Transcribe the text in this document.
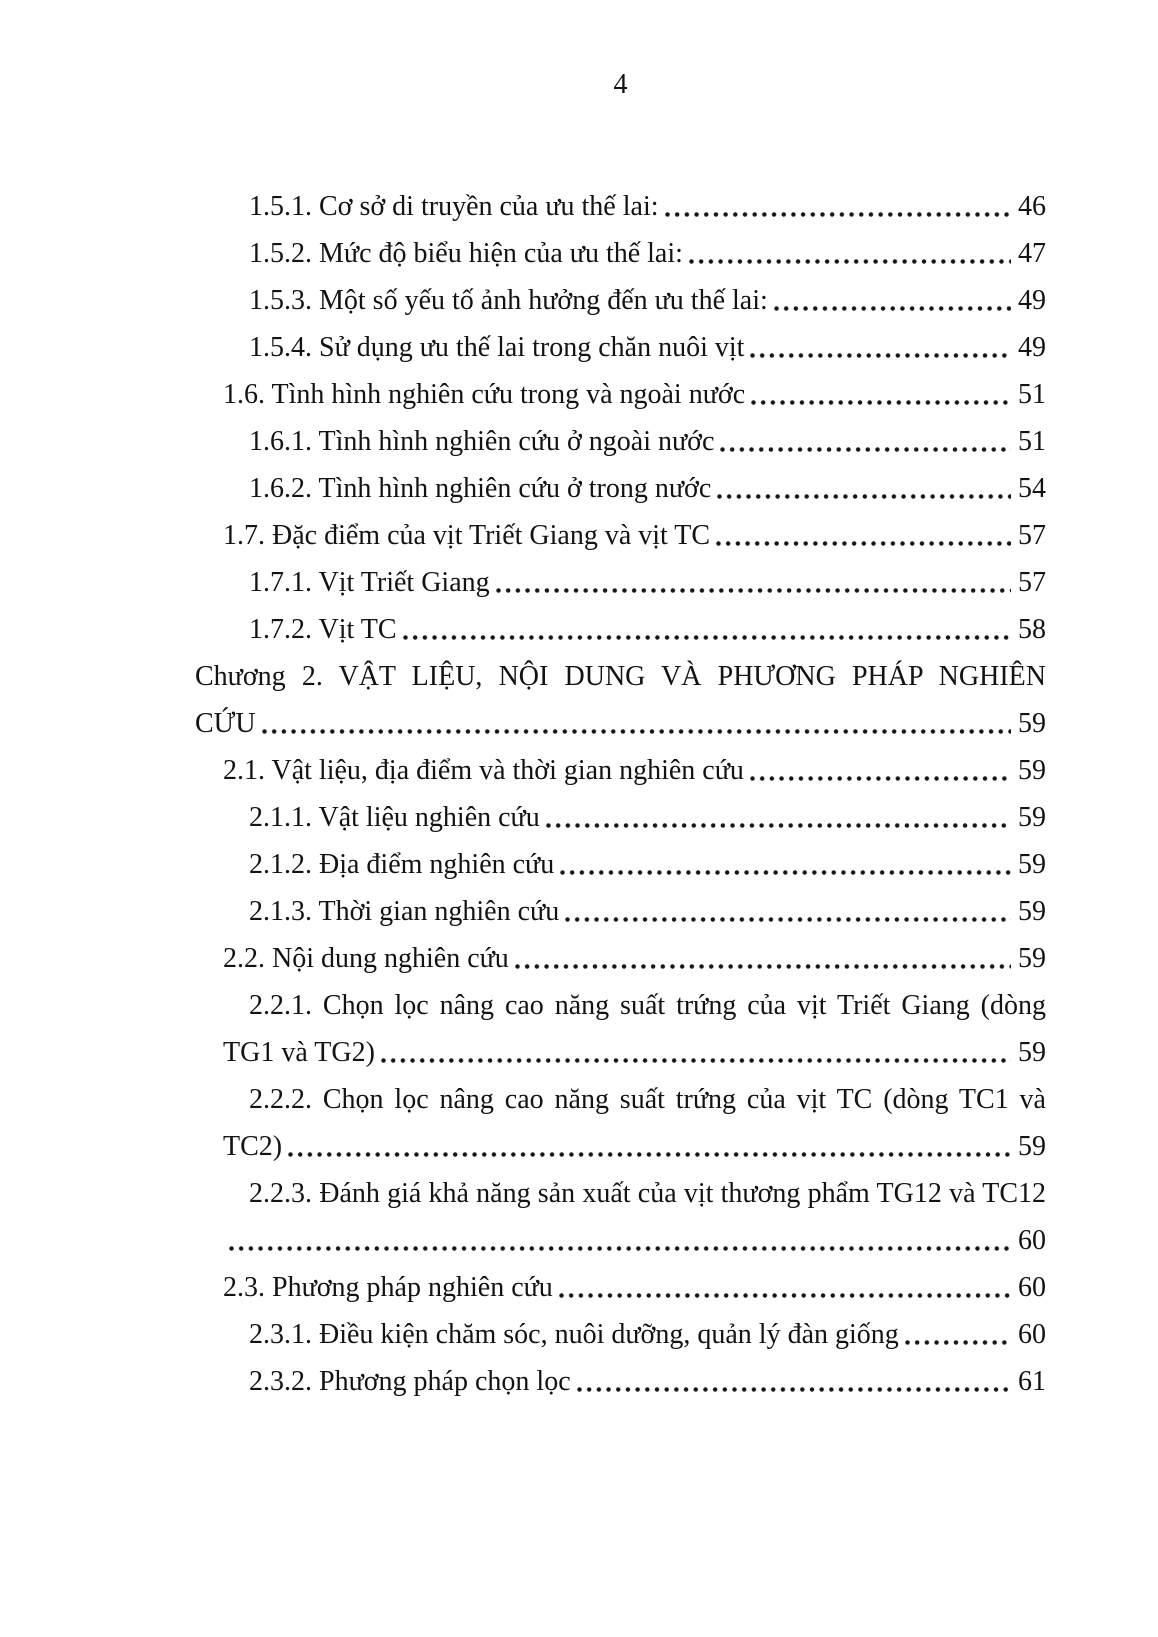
4
1.5.1. Cơ sở di truyền của ưu thế lai:	46
1.5.2. Mức độ biểu hiện của ưu thế lai:	47
1.5.3. Một số yếu tố ảnh hưởng đến ưu thế lai:	49
1.5.4. Sử dụng ưu thế lai trong chăn nuôi vịt	49
1.6. Tình hình nghiên cứu trong và ngoài nước	51
1.6.1. Tình hình nghiên cứu ở ngoài nước	51
1.6.2. Tình hình nghiên cứu ở trong nước	54
1.7. Đặc điểm của vịt Triết Giang và vịt TC	57
1.7.1. Vịt Triết Giang	57
1.7.2. Vịt TC	58
Chương 2. VẬT LIỆU, NỘI DUNG VÀ PHƯƠNG PHÁP NGHIÊN
CỨU	59
2.1. Vật liệu, địa điểm và thời gian nghiên cứu	59
2.1.1. Vật liệu nghiên cứu	59
2.1.2. Địa điểm nghiên cứu	59
2.1.3. Thời gian nghiên cứu	59
2.2. Nội dung nghiên cứu	59
2.2.1. Chọn lọc nâng cao năng suất trứng của vịt Triết Giang (dòng
TG1 và TG2)	59
2.2.2. Chọn lọc nâng cao năng suất trứng của vịt TC (dòng TC1 và
TC2)	59
2.2.3. Đánh giá khả năng sản xuất của vịt thương phẩm TG12 và TC12
60
2.3. Phương pháp nghiên cứu	60
2.3.1. Điều kiện chăm sóc, nuôi dưỡng, quản lý đàn giống	60
2.3.2. Phương pháp chọn lọc	61
